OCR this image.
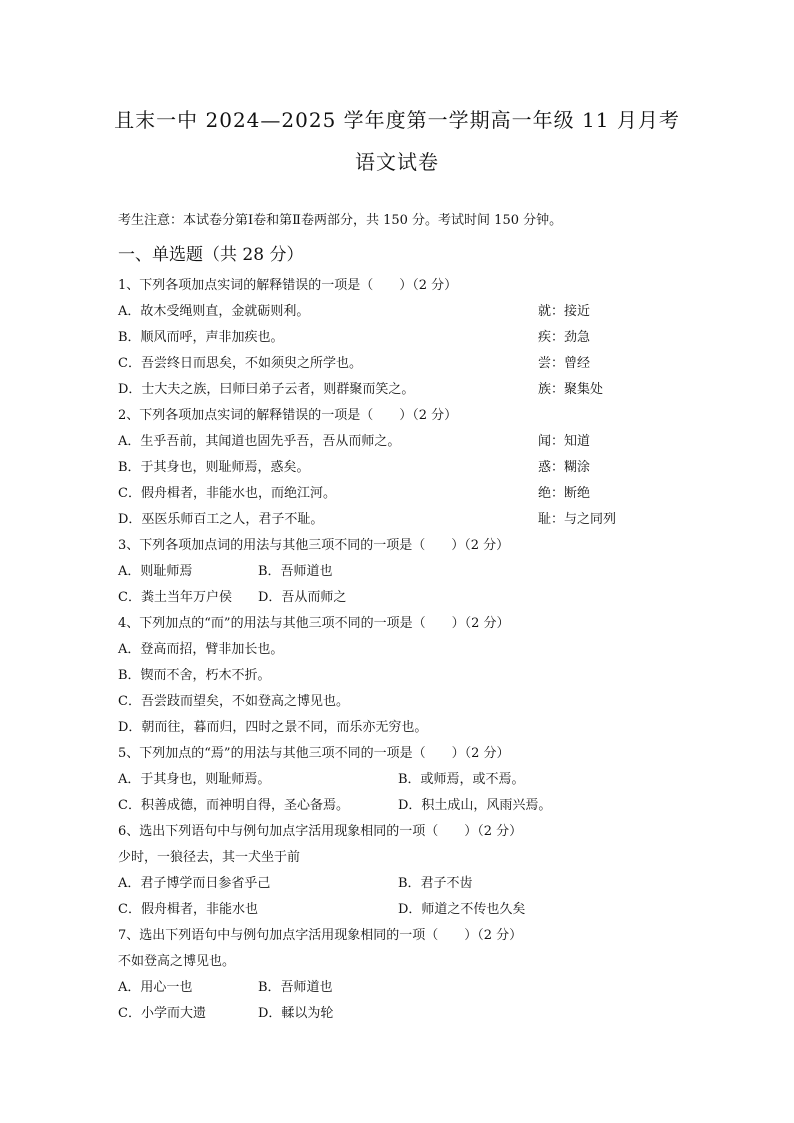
且末一中 2024—2025 学年度第一学期高一年级 11 月月考
语文试卷
考生注意：本试卷分第Ⅰ卷和第Ⅱ卷两部分，共 150 分。考试时间 150 分钟。
一、单选题（共 28 分）
1、下列各项加点实词的解释错误的一项是（　　）（2 分）
A．故木受绳则直，金就砺则利。	就：接近
B．顺风而呼，声非加疾也。	疾：劲急
C．吾尝终日而思矣，不如须臾之所学也。	尝：曾经
D．士大夫之族，曰师曰弟子云者，则群聚而笑之。	族：聚集处
2、下列各项加点实词的解释错误的一项是（　　）（2 分）
A．生乎吾前，其闻道也固先乎吾，吾从而师之。	闻：知道
B．于其身也，则耻师焉，惑矣。	惑：糊涂
C．假舟楫者，非能水也，而绝江河。	绝：断绝
D．巫医乐师百工之人，君子不耻。	耻：与之同列
3、下列各项加点词的用法与其他三项不同的一项是（　　）（2 分）
A．则耻师焉	B．吾师道也
C．粪土当年万户侯 D．吾从而师之
4、下列加点的“而”的用法与其他三项不同的一项是（　　）（2 分）
A．登高而招，臂非加长也。
B．锲而不舍，朽木不折。
C．吾尝跂而望矣，不如登高之博见也。
D．朝而往，暮而归，四时之景不同，而乐亦无穷也。
5、下列加点的“焉”的用法与其他三项不同的一项是（　　）（2 分）
A．于其身也，则耻师焉。	B．或师焉，或不焉。
C．积善成德，而神明自得，圣心备焉。	D．积土成山，风雨兴焉。
6、选出下列语句中与例句加点字活用现象相同的一项（　　）（2 分）
少时，一狼径去，其一犬坐于前
A．君子博学而日参省乎己	B．君子不齿
C．假舟楫者，非能水也	D．师道之不传也久矣
7、选出下列语句中与例句加点字活用现象相同的一项（　　）（2 分）
不如登高之博见也。
A．用心一也	B．吾师道也
C．小学而大遗	D．輮以为轮
